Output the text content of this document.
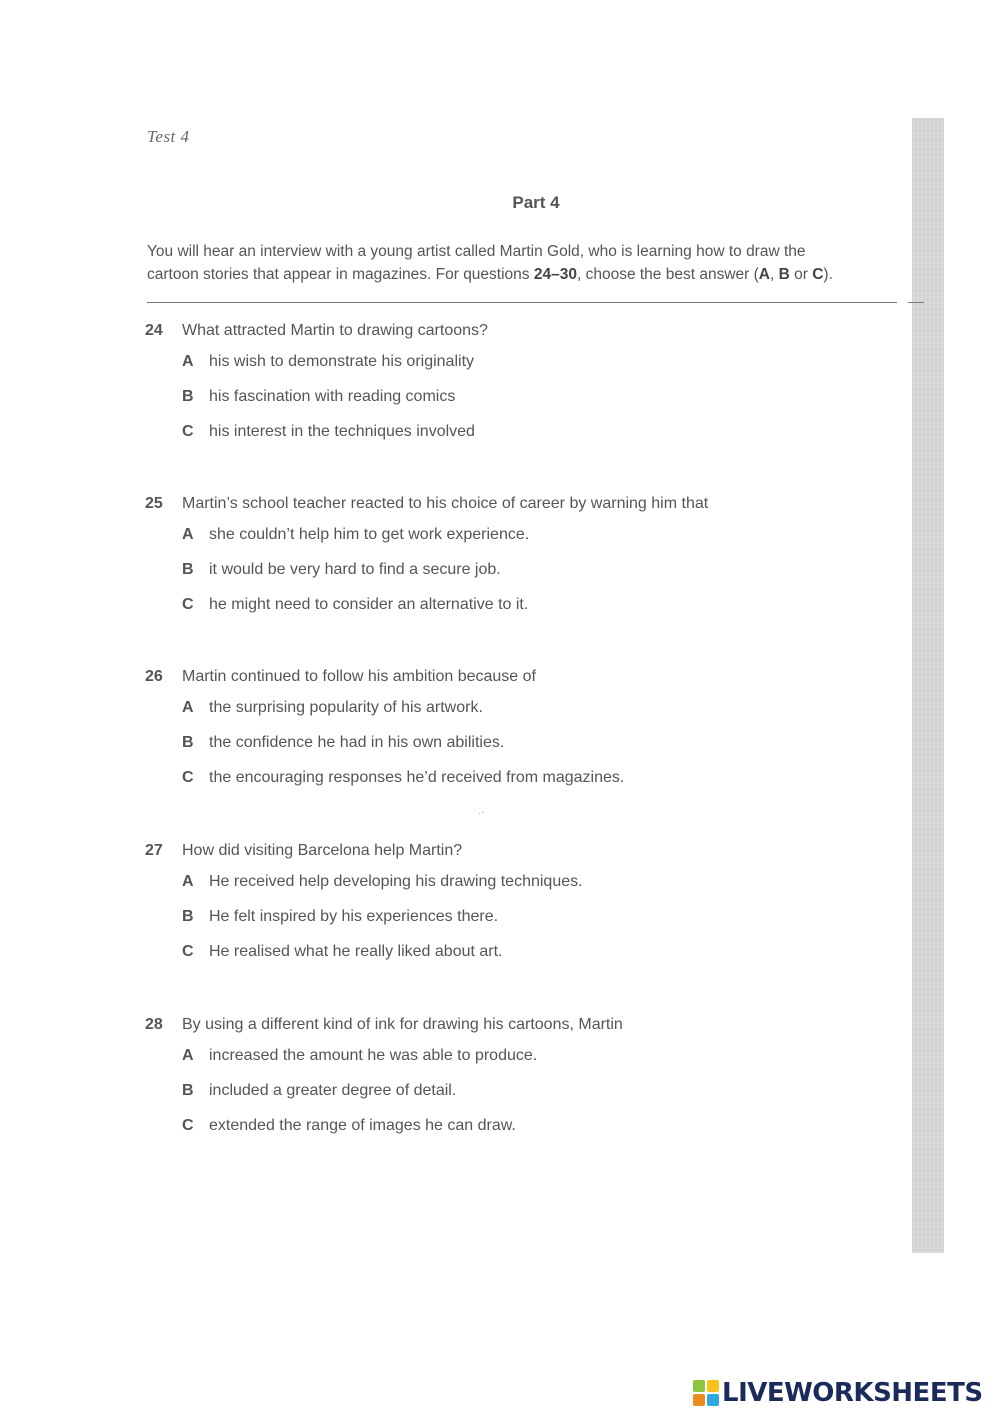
Test 4
Part 4
You will hear an interview with a young artist called Martin Gold, who is learning how to draw the
cartoon stories that appear in magazines. For questions 24–30, choose the best answer (A, B or C).
24 What attracted Martin to drawing cartoons?
A his wish to demonstrate his originality
B his fascination with reading comics
C his interest in the techniques involved
25 Martin’s school teacher reacted to his choice of career by warning him that
A she couldn’t help him to get work experience.
B it would be very hard to find a secure job.
C he might need to consider an alternative to it.
26 Martin continued to follow his ambition because of
A the surprising popularity of his artwork.
B the confidence he had in his own abilities.
C the encouraging responses he’d received from magazines.
·‧
27 How did visiting Barcelona help Martin?
A He received help developing his drawing techniques.
B He felt inspired by his experiences there.
C He realised what he really liked about art.
28 By using a different kind of ink for drawing his cartoons, Martin
A increased the amount he was able to produce.
B included a greater degree of detail.
C extended the range of images he can draw.
LIVEWORKSHEETS
